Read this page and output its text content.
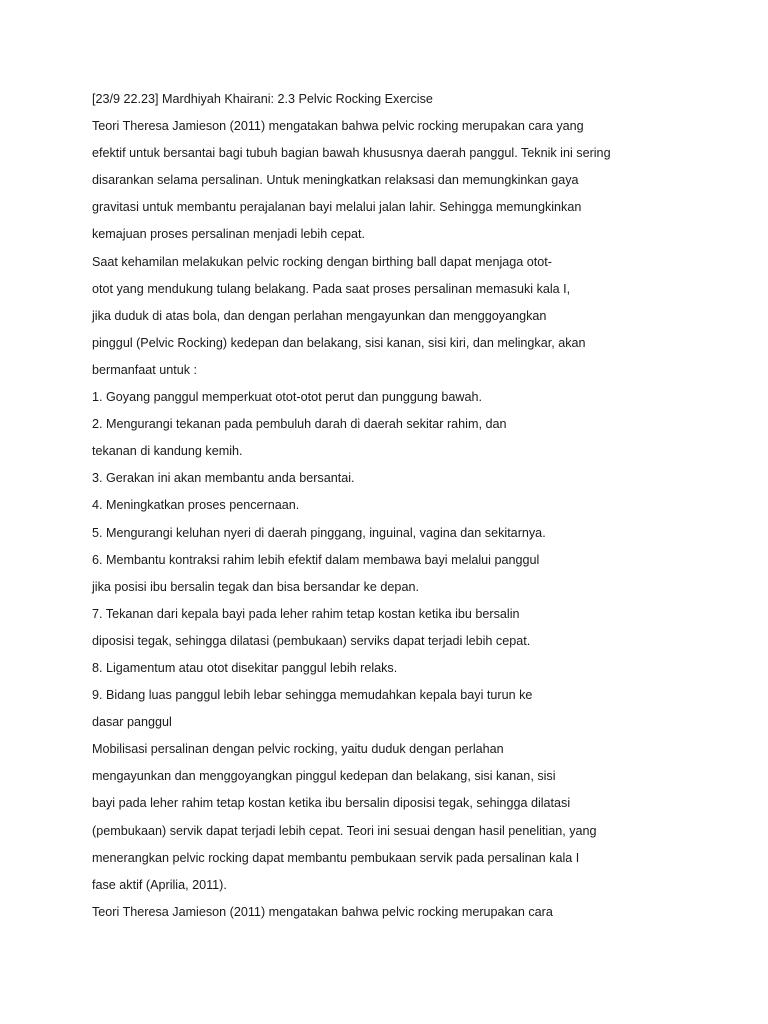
[23/9 22.23] Mardhiyah Khairani: 2.3 Pelvic Rocking Exercise
Teori Theresa Jamieson (2011) mengatakan bahwa pelvic rocking merupakan cara yang
efektif untuk bersantai bagi tubuh bagian bawah khususnya daerah panggul. Teknik ini sering
disarankan selama persalinan. Untuk meningkatkan relaksasi dan memungkinkan gaya
gravitasi untuk membantu perajalanan bayi melalui jalan lahir. Sehingga memungkinkan
kemajuan proses persalinan menjadi lebih cepat.
Saat kehamilan melakukan pelvic rocking dengan birthing ball dapat menjaga otot-
otot yang mendukung tulang belakang. Pada saat proses persalinan memasuki kala I,
jika duduk di atas bola, dan dengan perlahan mengayunkan dan menggoyangkan
pinggul (Pelvic Rocking) kedepan dan belakang, sisi kanan, sisi kiri, dan melingkar, akan
bermanfaat untuk :
1. Goyang panggul memperkuat otot-otot perut dan punggung bawah.
2. Mengurangi tekanan pada pembuluh darah di daerah sekitar rahim, dan
tekanan di kandung kemih.
3. Gerakan ini akan membantu anda bersantai.
4. Meningkatkan proses pencernaan.
5. Mengurangi keluhan nyeri di daerah pinggang, inguinal, vagina dan sekitarnya.
6. Membantu kontraksi rahim lebih efektif dalam membawa bayi melalui panggul
jika posisi ibu bersalin tegak dan bisa bersandar ke depan.
7. Tekanan dari kepala bayi pada leher rahim tetap kostan ketika ibu bersalin
diposisi tegak, sehingga dilatasi (pembukaan) serviks dapat terjadi lebih cepat.
8. Ligamentum atau otot disekitar panggul lebih relaks.
9. Bidang luas panggul lebih lebar sehingga memudahkan kepala bayi turun ke
dasar panggul
Mobilisasi persalinan dengan pelvic rocking, yaitu duduk dengan perlahan
mengayunkan dan menggoyangkan pinggul kedepan dan belakang, sisi kanan, sisi
bayi pada leher rahim tetap kostan ketika ibu bersalin diposisi tegak, sehingga dilatasi
(pembukaan) servik dapat terjadi lebih cepat. Teori ini sesuai dengan hasil penelitian, yang
menerangkan pelvic rocking dapat membantu pembukaan servik pada persalinan kala I
fase aktif (Aprilia, 2011).
Teori Theresa Jamieson (2011) mengatakan bahwa pelvic rocking merupakan cara
